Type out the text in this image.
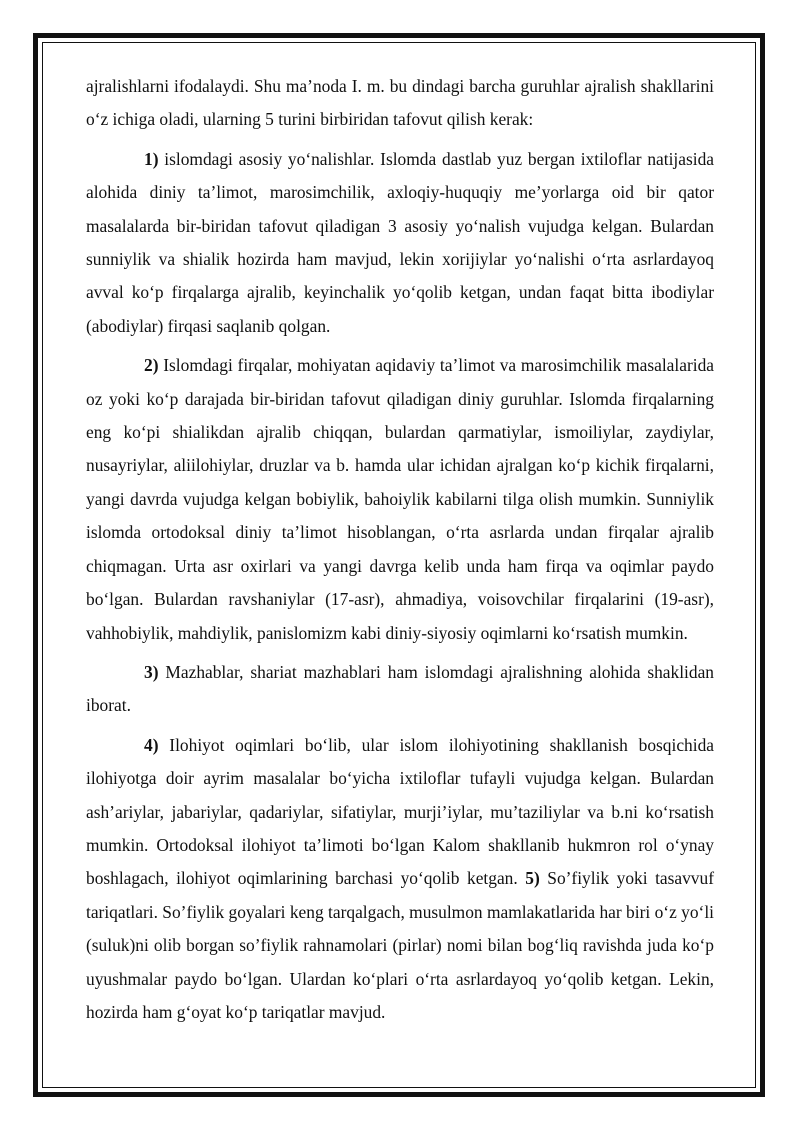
ajralishlarni ifodalaydi. Shu ma’noda I. m. bu dindagi barcha guruhlar ajralish shakllarini o‘z ichiga oladi, ularning 5 turini birbiridan tafovut qilish kerak:

1) islomdagi asosiy yo‘nalishlar. Islomda dastlab yuz bergan ixtiloflar natijasida alohida diniy ta’limot, marosimchilik, axloqiy-huquqiy me’yorlarga oid bir qator masalalarda bir-biridan tafovut qiladigan 3 asosiy yo‘nalish vujudga kelgan. Bulardan sunniylik va shialik hozirda ham mavjud, lekin xorijiylar yo‘nalishi o‘rta asrlardayoq avval ko‘p firqalarga ajralib, keyinchalik yo‘qolib ketgan, undan faqat bitta ibodiylar (abodiylar) firqasi saqlanib qolgan.

2) Islomdagi firqalar, mohiyatan aqidaviy ta’limot va marosimchilik masalalarida oz yoki ko‘p darajada bir-biridan tafovut qiladigan diniy guruhlar. Islomda firqalarning eng ko‘pi shialikdan ajralib chiqqan, bulardan qarmatiylar, ismoiliylar, zaydiylar, nusayriylar, aliilohiylar, druzlar va b. hamda ular ichidan ajralgan ko‘p kichik firqalarni, yangi davrda vujudga kelgan bobiylik, bahoiylik kabilarni tilga olish mumkin. Sunniylik islomda ortodoksal diniy ta’limot hisoblangan, o‘rta asrlarda undan firqalar ajralib chiqmagan. Urta asr oxirlari va yangi davrga kelib unda ham firqa va oqimlar paydo bo‘lgan. Bulardan ravshaniylar (17-asr), ahmadiya, voisovchilar firqalarini (19-asr), vahhobiylik, mahdiylik, panislomizm kabi diniy-siyosiy oqimlarni ko‘rsatish mumkin.

3) Mazhablar, shariat mazhablari ham islomdagi ajralishning alohida shaklidan iborat.

4) Ilohiyot oqimlari bo‘lib, ular islom ilohiyotining shakllanish bosqichida ilohiyotga doir ayrim masalalar bo‘yicha ixtiloflar tufayli vujudga kelgan. Bulardan ash’ariylar, jabariylar, qadariylar, sifatiylar, murji’iylar, mu’taziliylar va b.ni ko‘rsatish mumkin. Ortodoksal ilohiyot ta’limoti bo‘lgan Kalom shakllanib hukmron rol o‘ynay boshlagach, ilohiyot oqimlarining barchasi yo‘qolib ketgan. 5) So’fiylik yoki tasavvuf tariqatlari. So’fiylik goyalari keng tarqalgach, musulmon mamlakatlarida har biri o‘z yo‘li (suluk)ni olib borgan so’fiylik rahnamolari (pirlar) nomi bilan bog‘liq ravishda juda ko‘p uyushmalar paydo bo‘lgan. Ulardan ko‘plari o‘rta asrlardayoq yo‘qolib ketgan. Lekin, hozirda ham g‘oyat ko‘p tariqatlar mavjud.
